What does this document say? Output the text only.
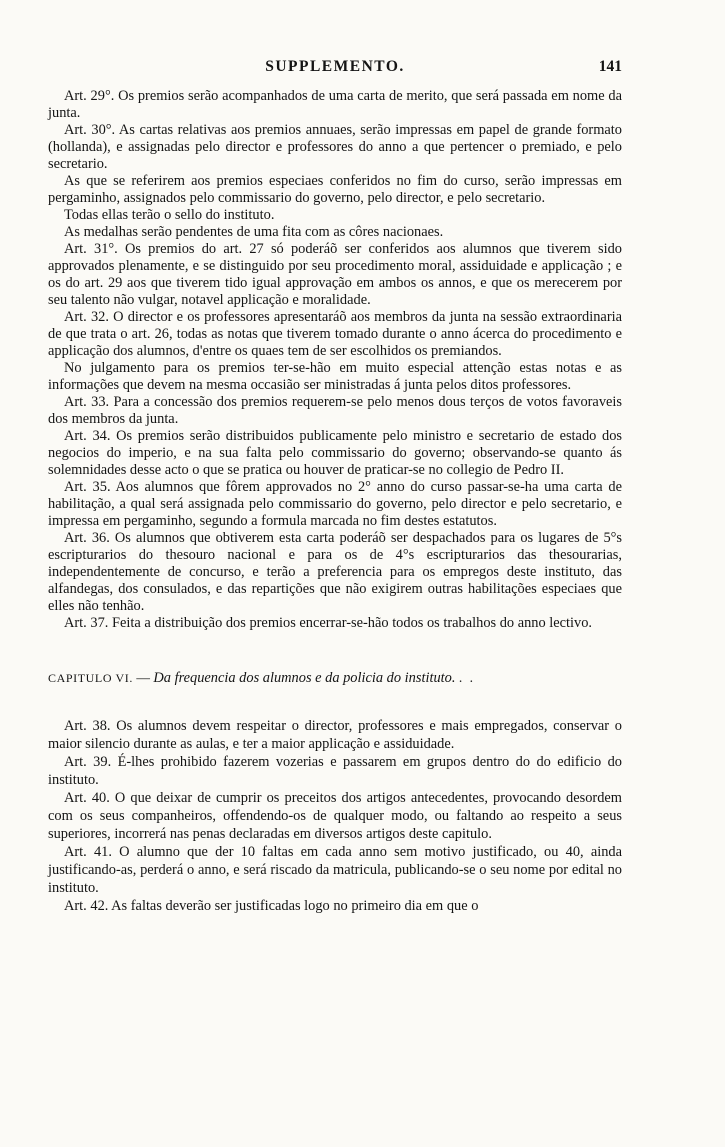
SUPPLEMENTO.	141

Art. 29°. Os premios serão acompanhados de uma carta de merito, que será passada em nome da junta.

Art. 30°. As cartas relativas aos premios annuaes, serão impressas em papel de grande formato (hollanda), e assignadas pelo director e professores do anno a que pertencer o premiado, e pelo secretario.

As que se referirem aos premios especiaes conferidos no fim do curso, serão impressas em pergaminho, assignados pelo commissario do governo, pelo director, e pelo secretario.

Todas ellas terão o sello do instituto.

As medalhas serão pendentes de uma fita com as côres nacionaes.

Art. 31°. Os premios do art. 27 só poderáõ ser conferidos aos alumnos que tiverem sido approvados plenamente, e se distinguido por seu procedimento moral, assiduidade e applicação ; e os do art. 29 aos que tiverem tido igual approvação em ambos os annos, e que os merecerem por seu talento não vulgar, notavel applicação e moralidade.

Art. 32. O director e os professores apresentaráõ aos membros da junta na sessão extraordinaria de que trata o art. 26, todas as notas que tiverem tomado durante o anno ácerca do procedimento e applicação dos alumnos, d'entre os quaes tem de ser escolhidos os premiandos.

No julgamento para os premios ter-se-hão em muito especial attenção estas notas e as informações que devem na mesma occasião ser ministradas á junta pelos ditos professores.

Art. 33. Para a concessão dos premios requerem-se pelo menos dous terços de votos favoraveis dos membros da junta.

Art. 34. Os premios serão distribuidos publicamente pelo ministro e secretario de estado dos negocios do imperio, e na sua falta pelo commissario do governo; observando-se quanto ás solemnidades desse acto o que se pratica ou houver de praticar-se no collegio de Pedro II.

Art. 35. Aos alumnos que fôrem approvados no 2° anno do curso passar-se-ha uma carta de habilitação, a qual será assignada pelo commissario do governo, pelo director e pelo secretario, e impressa em pergaminho, segundo a formula marcada no fim destes estatutos.

Art. 36. Os alumnos que obtiverem esta carta poderáõ ser despachados para os lugares de 5°s escripturarios do thesouro nacional e para os de 4°s escripturarios das thesourarias, independentemente de concurso, e terão a preferencia para os empregos deste instituto, das alfandegas, dos consulados, e das repartições que não exigirem outras habilitações especiaes que elles não tenhão.

Art. 37. Feita a distribuição dos premios encerrar-se-hão todos os trabalhos do anno lectivo.

CAPITULO VI. — Da frequencia dos alumnos e da policia do instituto. . .

Art. 38. Os alumnos devem respeitar o director, professores e mais empregados, conservar o maior silencio durante as aulas, e ter a maior applicação e assiduidade.

Art. 39. É-lhes prohibido fazerem vozerias e passarem em grupos dentro do do edificio do instituto.

Art. 40. O que deixar de cumprir os preceitos dos artigos antecedentes, provocando desordem com os seus companheiros, offendendo-os de qualquer modo, ou faltando ao respeito a seus superiores, incorrerá nas penas declaradas em diversos artigos deste capitulo.

Art. 41. O alumno que der 10 faltas em cada anno sem motivo justificado, ou 40, ainda justificando-as, perderá o anno, e será riscado da matricula, publicando-se o seu nome por edital no instituto.

Art. 42. As faltas deverão ser justificadas logo no primeiro dia em que o
